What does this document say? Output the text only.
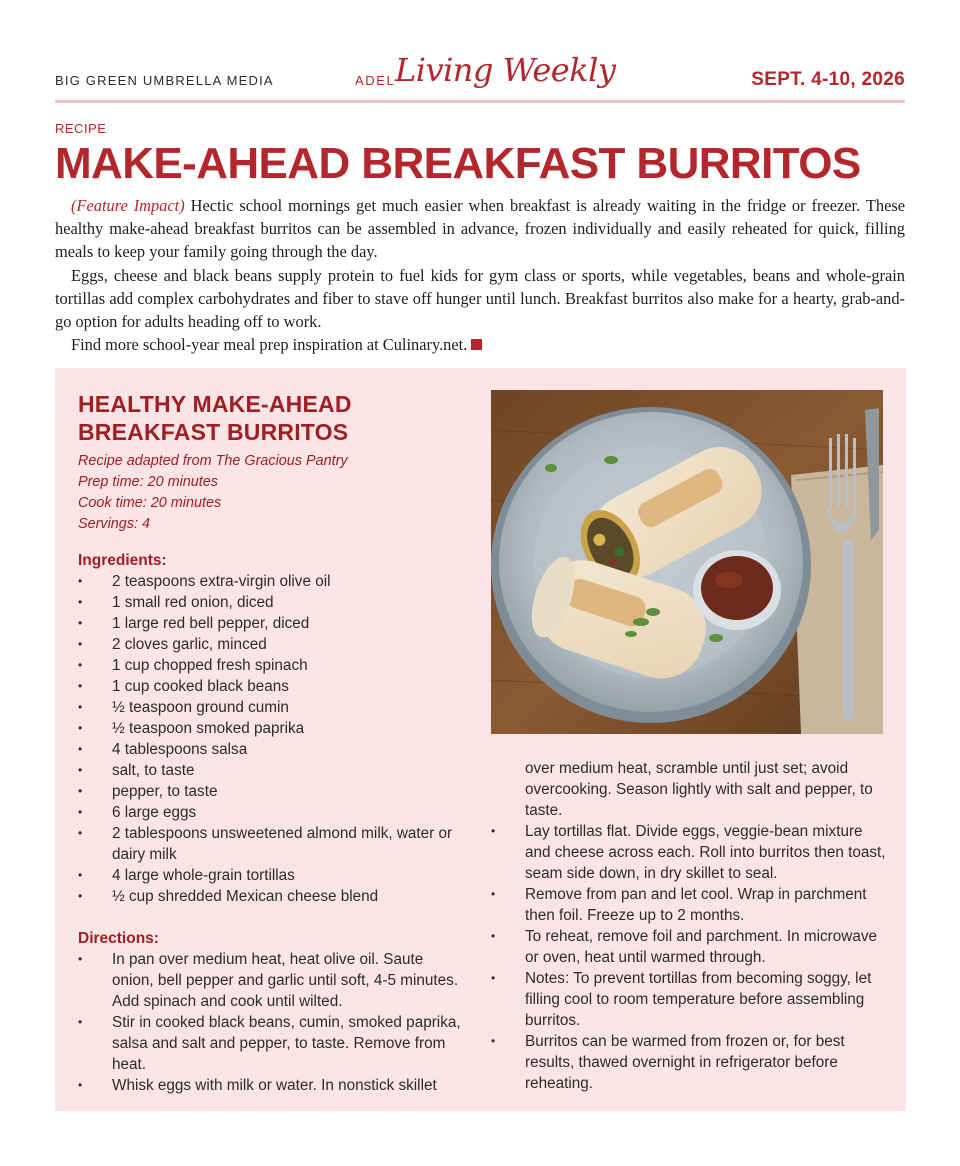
BIG GREEN UMBRELLA MEDIA	ADEL Living Weekly	SEPT. 4-10, 2026
RECIPE
MAKE-AHEAD BREAKFAST BURRITOS

(Feature Impact) Hectic school mornings get much easier when breakfast is already waiting in the fridge or freezer. These healthy make-ahead breakfast burritos can be assembled in advance, frozen individually and easily reheated for quick, filling meals to keep your family going through the day.

Eggs, cheese and black beans supply protein to fuel kids for gym class or sports, while vegetables, beans and whole-grain tortillas add complex carbohydrates and fiber to stave off hunger until lunch. Breakfast burritos also make for a hearty, grab-and-go option for adults heading off to work.

Find more school-year meal prep inspiration at Culinary.net.

HEALTHY MAKE-AHEAD
BREAKFAST BURRITOS
Recipe adapted from The Gracious Pantry
Prep time: 20 minutes
Cook time: 20 minutes
Servings: 4
Ingredients:
• 2 teaspoons extra-virgin olive oil
• 1 small red onion, diced
• 1 large red bell pepper, diced
• 2 cloves garlic, minced
• 1 cup chopped fresh spinach
• 1 cup cooked black beans
• ½ teaspoon ground cumin
• ½ teaspoon smoked paprika
• 4 tablespoons salsa
• salt, to taste
• pepper, to taste
• 6 large eggs
• 2 tablespoons unsweetened almond milk, water or dairy milk
• 4 large whole-grain tortillas
• ½ cup shredded Mexican cheese blend
Directions:
• In pan over medium heat, heat olive oil. Saute onion, bell pepper and garlic until soft, 4-5 minutes. Add spinach and cook until wilted.
• Stir in cooked black beans, cumin, smoked paprika, salsa and salt and pepper, to taste. Remove from heat.
• Whisk eggs with milk or water. In nonstick skillet
over medium heat, scramble until just set; avoid overcooking. Season lightly with salt and pepper, to taste.
• Lay tortillas flat. Divide eggs, veggie-bean mixture and cheese across each. Roll into burritos then toast, seam side down, in dry skillet to seal.
• Remove from pan and let cool. Wrap in parchment then foil. Freeze up to 2 months.
• To reheat, remove foil and parchment. In microwave or oven, heat until warmed through.
• Notes: To prevent tortillas from becoming soggy, let filling cool to room temperature before assembling burritos.
• Burritos can be warmed from frozen or, for best results, thawed overnight in refrigerator before reheating.
